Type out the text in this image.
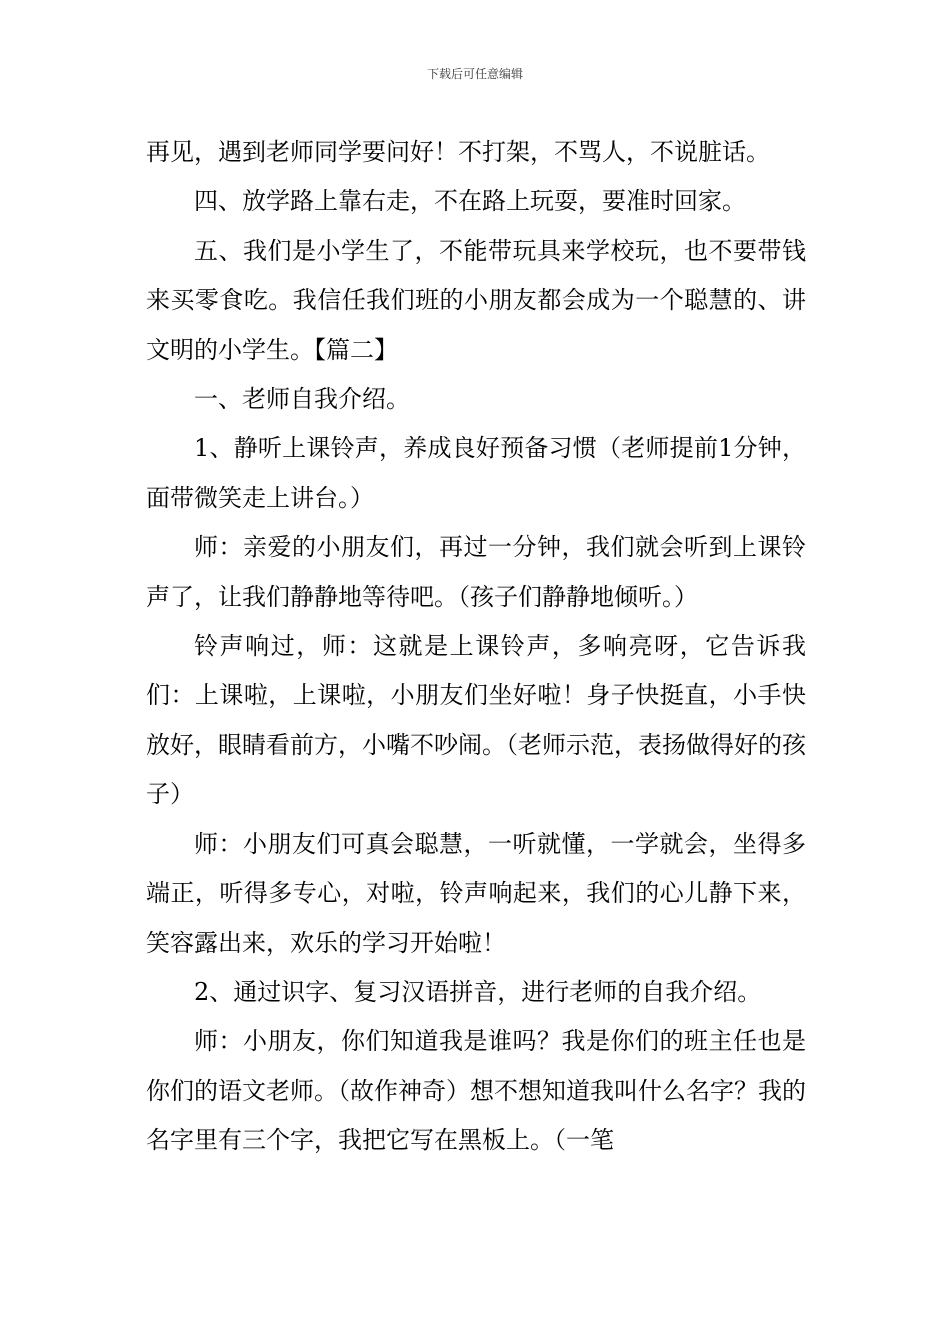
下载后可任意编辑

再见，遇到老师同学要问好！不打架，不骂人，不说脏话。

四、放学路上靠右走，不在路上玩耍，要准时回家。

五、我们是小学生了，不能带玩具来学校玩，也不要带钱来买零食吃。我信任我们班的小朋友都会成为一个聪慧的、讲文明的小学生。【篇二】

一、老师自我介绍。

1、静听上课铃声，养成良好预备习惯（老师提前1分钟，面带微笑走上讲台。）

师：亲爱的小朋友们，再过一分钟，我们就会听到上课铃声了，让我们静静地等待吧。（孩子们静静地倾听。）

铃声响过，师：这就是上课铃声，多响亮呀，它告诉我们：上课啦，上课啦，小朋友们坐好啦！身子快挺直，小手快放好，眼睛看前方，小嘴不吵闹。（老师示范，表扬做得好的孩子）

师：小朋友们可真会聪慧，一听就懂，一学就会，坐得多端正，听得多专心，对啦，铃声响起来，我们的心儿静下来，笑容露出来，欢乐的学习开始啦！

2、通过识字、复习汉语拼音，进行老师的自我介绍。

师：小朋友，你们知道我是谁吗？我是你们的班主任也是你们的语文老师。（故作神奇）想不想知道我叫什么名字？我的名字里有三个字，我把它写在黑板上。（一笔
